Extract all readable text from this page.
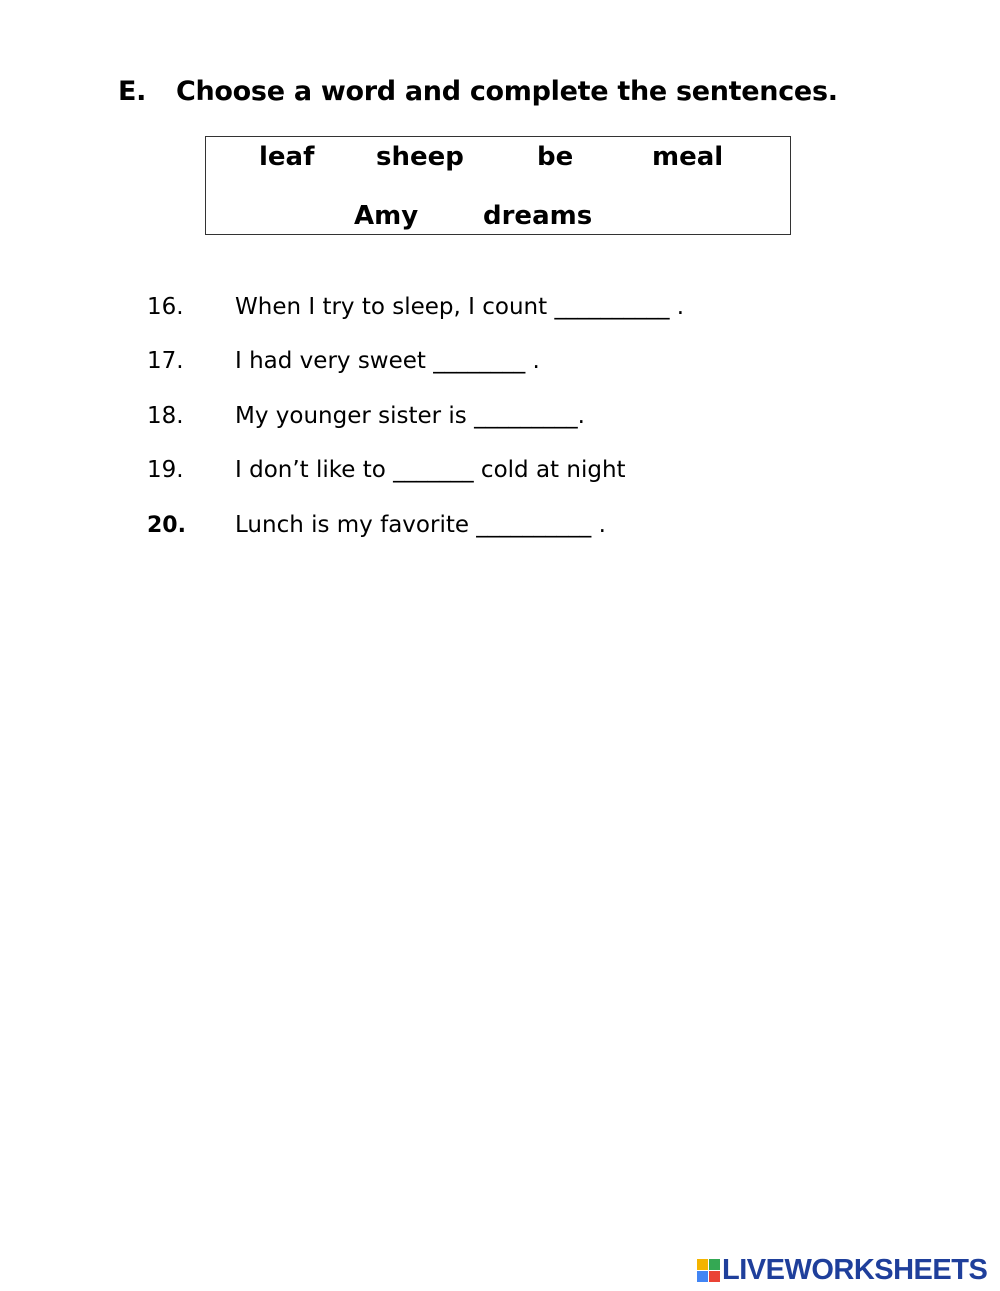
E. Choose a word and complete the sentences.
leaf sheep	be	meal
Amy dreams
16. When I try to sleep, I count __________ .
17. I had very sweet ________ .
18. My younger sister is _________.
19. I don’t like to _______ cold at night
20. Lunch is my favorite __________ .
LIVEWORKSHEETS
